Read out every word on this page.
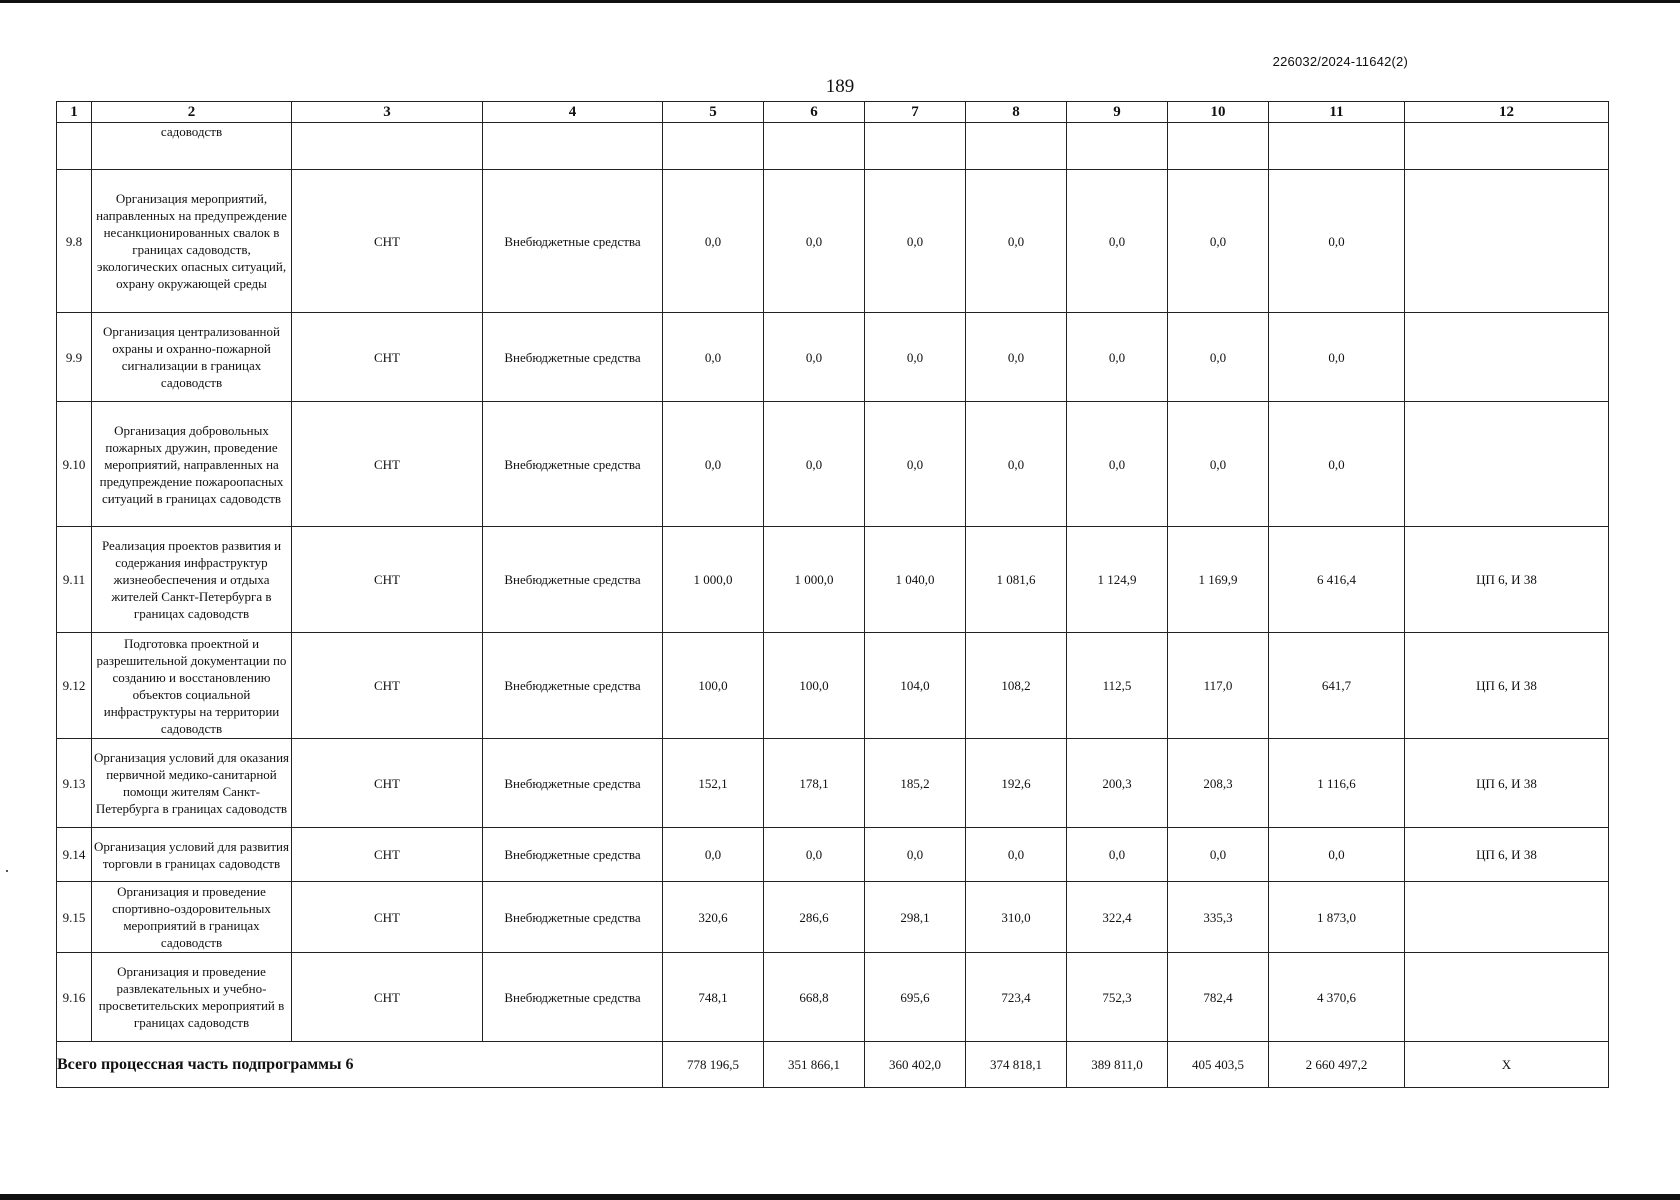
226032/2024-11642(2)
189
1	2	3	4	5	6	7	8	9	10	11	12
	садоводств										
9.8	Организация мероприятий, направленных на предупреждение несанкционированных свалок в границах садоводств, экологических опасных ситуаций, охрану окружающей среды	СНТ	Внебюджетные средства	0,0	0,0	0,0	0,0	0,0	0,0	0,0	
9.9	Организация централизованной охраны и охранно-пожарной сигнализации в границах садоводств	СНТ	Внебюджетные средства	0,0	0,0	0,0	0,0	0,0	0,0	0,0	
9.10	Организация добровольных пожарных дружин, проведение мероприятий, направленных на предупреждение пожароопасных ситуаций в границах садоводств	СНТ	Внебюджетные средства	0,0	0,0	0,0	0,0	0,0	0,0	0,0	
9.11	Реализация проектов развития и содержания инфраструктур жизнеобеспечения и отдыха жителей Санкт-Петербурга в границах садоводств	СНТ	Внебюджетные средства	1 000,0	1 000,0	1 040,0	1 081,6	1 124,9	1 169,9	6 416,4	ЦП 6, И 38
9.12	Подготовка проектной и разрешительной документации по созданию и восстановлению объектов социальной инфраструктуры на территории садоводств	СНТ	Внебюджетные средства	100,0	100,0	104,0	108,2	112,5	117,0	641,7	ЦП 6, И 38
9.13	Организация условий для оказания первичной медико-санитарной помощи жителям Санкт-Петербурга в границах садоводств	СНТ	Внебюджетные средства	152,1	178,1	185,2	192,6	200,3	208,3	1 116,6	ЦП 6, И 38
9.14	Организация условий для развития торговли в границах садоводств	СНТ	Внебюджетные средства	0,0	0,0	0,0	0,0	0,0	0,0	0,0	ЦП 6, И 38
9.15	Организация и проведение спортивно-оздоровительных мероприятий в границах садоводств	СНТ	Внебюджетные средства	320,6	286,6	298,1	310,0	322,4	335,3	1 873,0	
9.16	Организация и проведение развлекательных и учебно-просветительских мероприятий в границах садоводств	СНТ	Внебюджетные средства	748,1	668,8	695,6	723,4	752,3	782,4	4 370,6	
Всего процессная часть подпрограммы 6				778 196,5	351 866,1	360 402,0	374 818,1	389 811,0	405 403,5	2 660 497,2	Х
